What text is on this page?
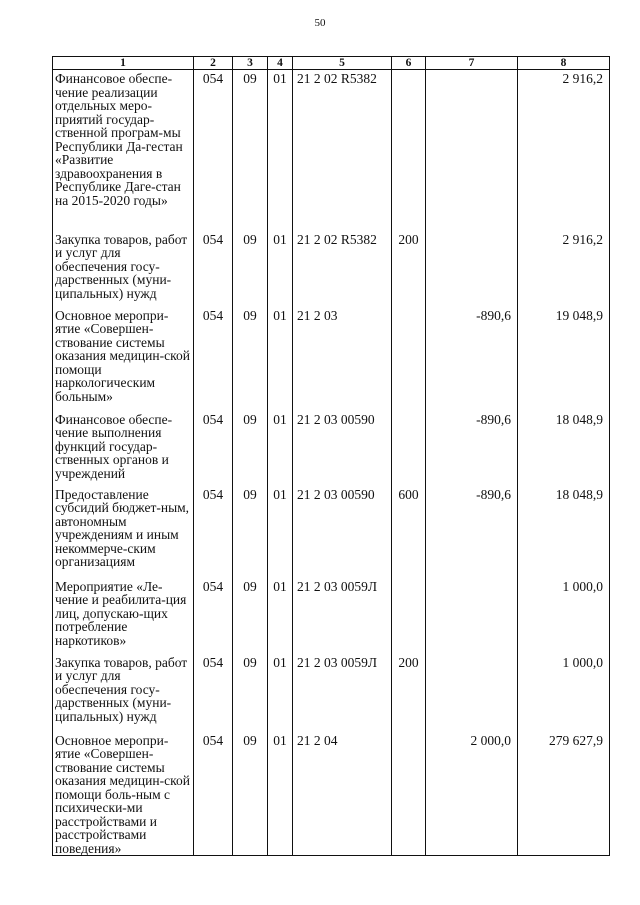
50
1	2	3	4	5	6	7	8
Финансовое обеспе-чение реализации отдельных меро-приятий государ-ственной програм-мы Республики Да-гестан «Развитие здравоохранения в Республике Даге-стан на 2015-2020 годы»	054	09	01	21 2 02 R5382			2 916,2
Закупка товаров, работ и услуг для обеспечения госу-дарственных (муни-ципальных) нужд	054	09	01	21 2 02 R5382	200		2 916,2
Основное меропри-ятие «Совершен-ствование системы оказания медицин-ской помощи наркологическим больным»	054	09	01	21 2 03		-890,6	19 048,9
Финансовое обеспе-чение выполнения функций государ-ственных органов и учреждений	054	09	01	21 2 03 00590		-890,6	18 048,9
Предоставление субсидий бюджет-ным, автономным учреждениям и иным некоммерче-ским организациям	054	09	01	21 2 03 00590	600	-890,6	18 048,9
Мероприятие «Ле-чение и реабилита-ция лиц, допускаю-щих потребление наркотиков»	054	09	01	21 2 03 0059Л			1 000,0
Закупка товаров, работ и услуг для обеспечения госу-дарственных (муни-ципальных) нужд	054	09	01	21 2 03 0059Л	200		1 000,0
Основное меропри-ятие «Совершен-ствование системы оказания медицин-ской помощи боль-ным с психически-ми расстройствами и расстройствами поведения»	054	09	01	21 2 04		2 000,0	279 627,9
